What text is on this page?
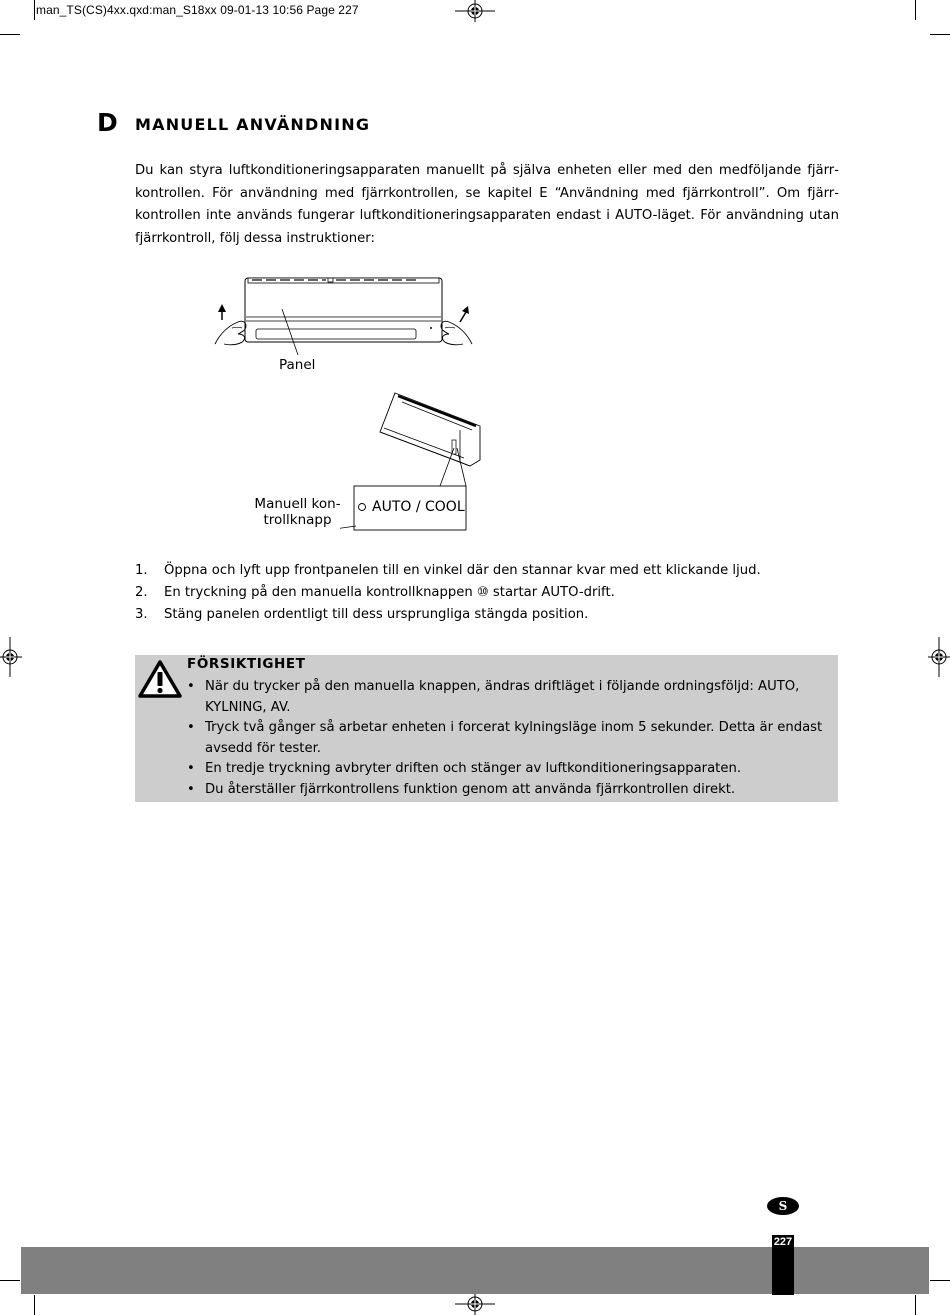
man_TS(CS)4xx.qxd:man_S18xx 09-01-13 10:56 Page 227
D MANUELL ANVÄNDNING

Du kan styra luftkonditioneringsapparaten manuellt på själva enheten eller med den medföljande fjärrkontrollen. För användning med fjärrkontrollen, se kapitel E “Användning med fjärrkontroll”. Om fjärrkontrollen inte används fungerar luftkonditioneringsapparaten endast i AUTO-läget. För användning utan fjärrkontroll, följ dessa instruktioner:

Panel
AUTO / COOL
Manuell kon-
trollknapp
1. Öppna och lyft upp frontpanelen till en vinkel där den stannar kvar med ett klickande ljud.
2. En tryckning på den manuella kontrollknappen ⑩ startar AUTO-drift.
3. Stäng panelen ordentligt till dess ursprungliga stängda position.
FÖRSIKTIGHET
• När du trycker på den manuella knappen, ändras driftläget i följande ordningsföljd: AUTO, KYLNING, AV.
• Tryck två gånger så arbetar enheten i forcerat kylningsläge inom 5 sekunder. Detta är endast avsedd för tester.
• En tredje tryckning avbryter driften och stänger av luftkonditioneringsapparaten.
• Du återställer fjärrkontrollens funktion genom att använda fjärrkontrollen direkt.
S
227
